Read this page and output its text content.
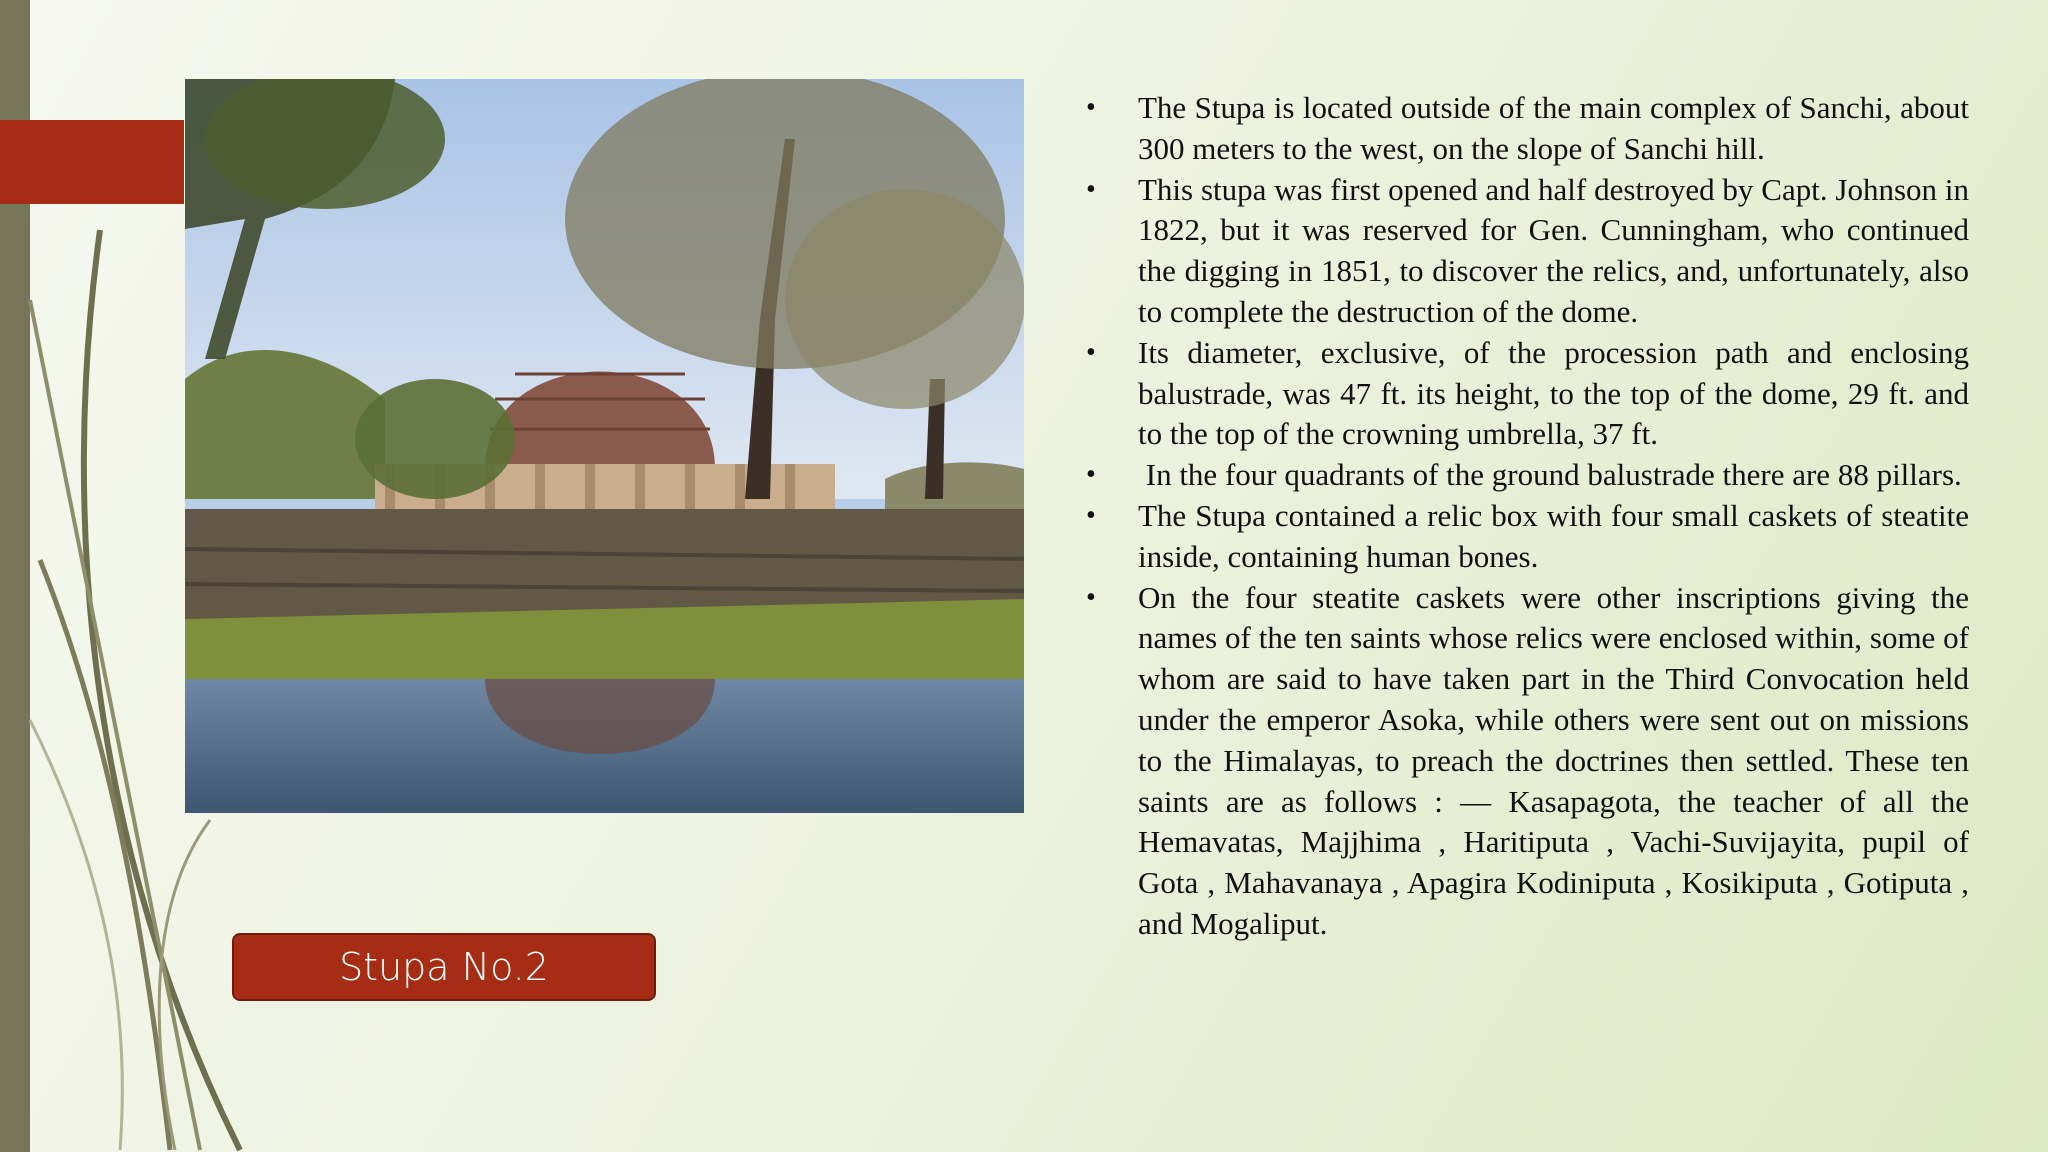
Stupa No.2
•	The Stupa is located outside of the main complex of Sanchi, about 300 meters to the west, on the slope of Sanchi hill.
•	This stupa was first opened and half destroyed by Capt. Johnson in 1822, but it was reserved for Gen. Cunningham, who continued the digging in 1851, to discover the relics, and, unfortunately, also to complete the destruction of the dome.
•	Its diameter, exclusive, of the procession path and enclosing balustrade, was 47 ft. its height, to the top of the dome, 29 ft. and to the top of the crowning umbrella, 37 ft.
•	In the four quadrants of the ground balustrade there are 88 pillars.
•	The Stupa contained a relic box with four small caskets of steatite inside, containing human bones.
•	On the four steatite caskets were other inscriptions giving the names of the ten saints whose relics were enclosed within, some of whom are said to have taken part in the Third Convocation held under the emperor Asoka, while others were sent out on missions to the Himalayas, to preach the doctrines then settled. These ten saints are as follows : — Kasapagota, the teacher of all the Hemavatas, Majjhima , Haritiputa , Vachi-Suvijayita, pupil of Gota , Mahavanaya , Apagira Kodiniputa , Kosikiputa , Gotiputa , and Mogaliput.
